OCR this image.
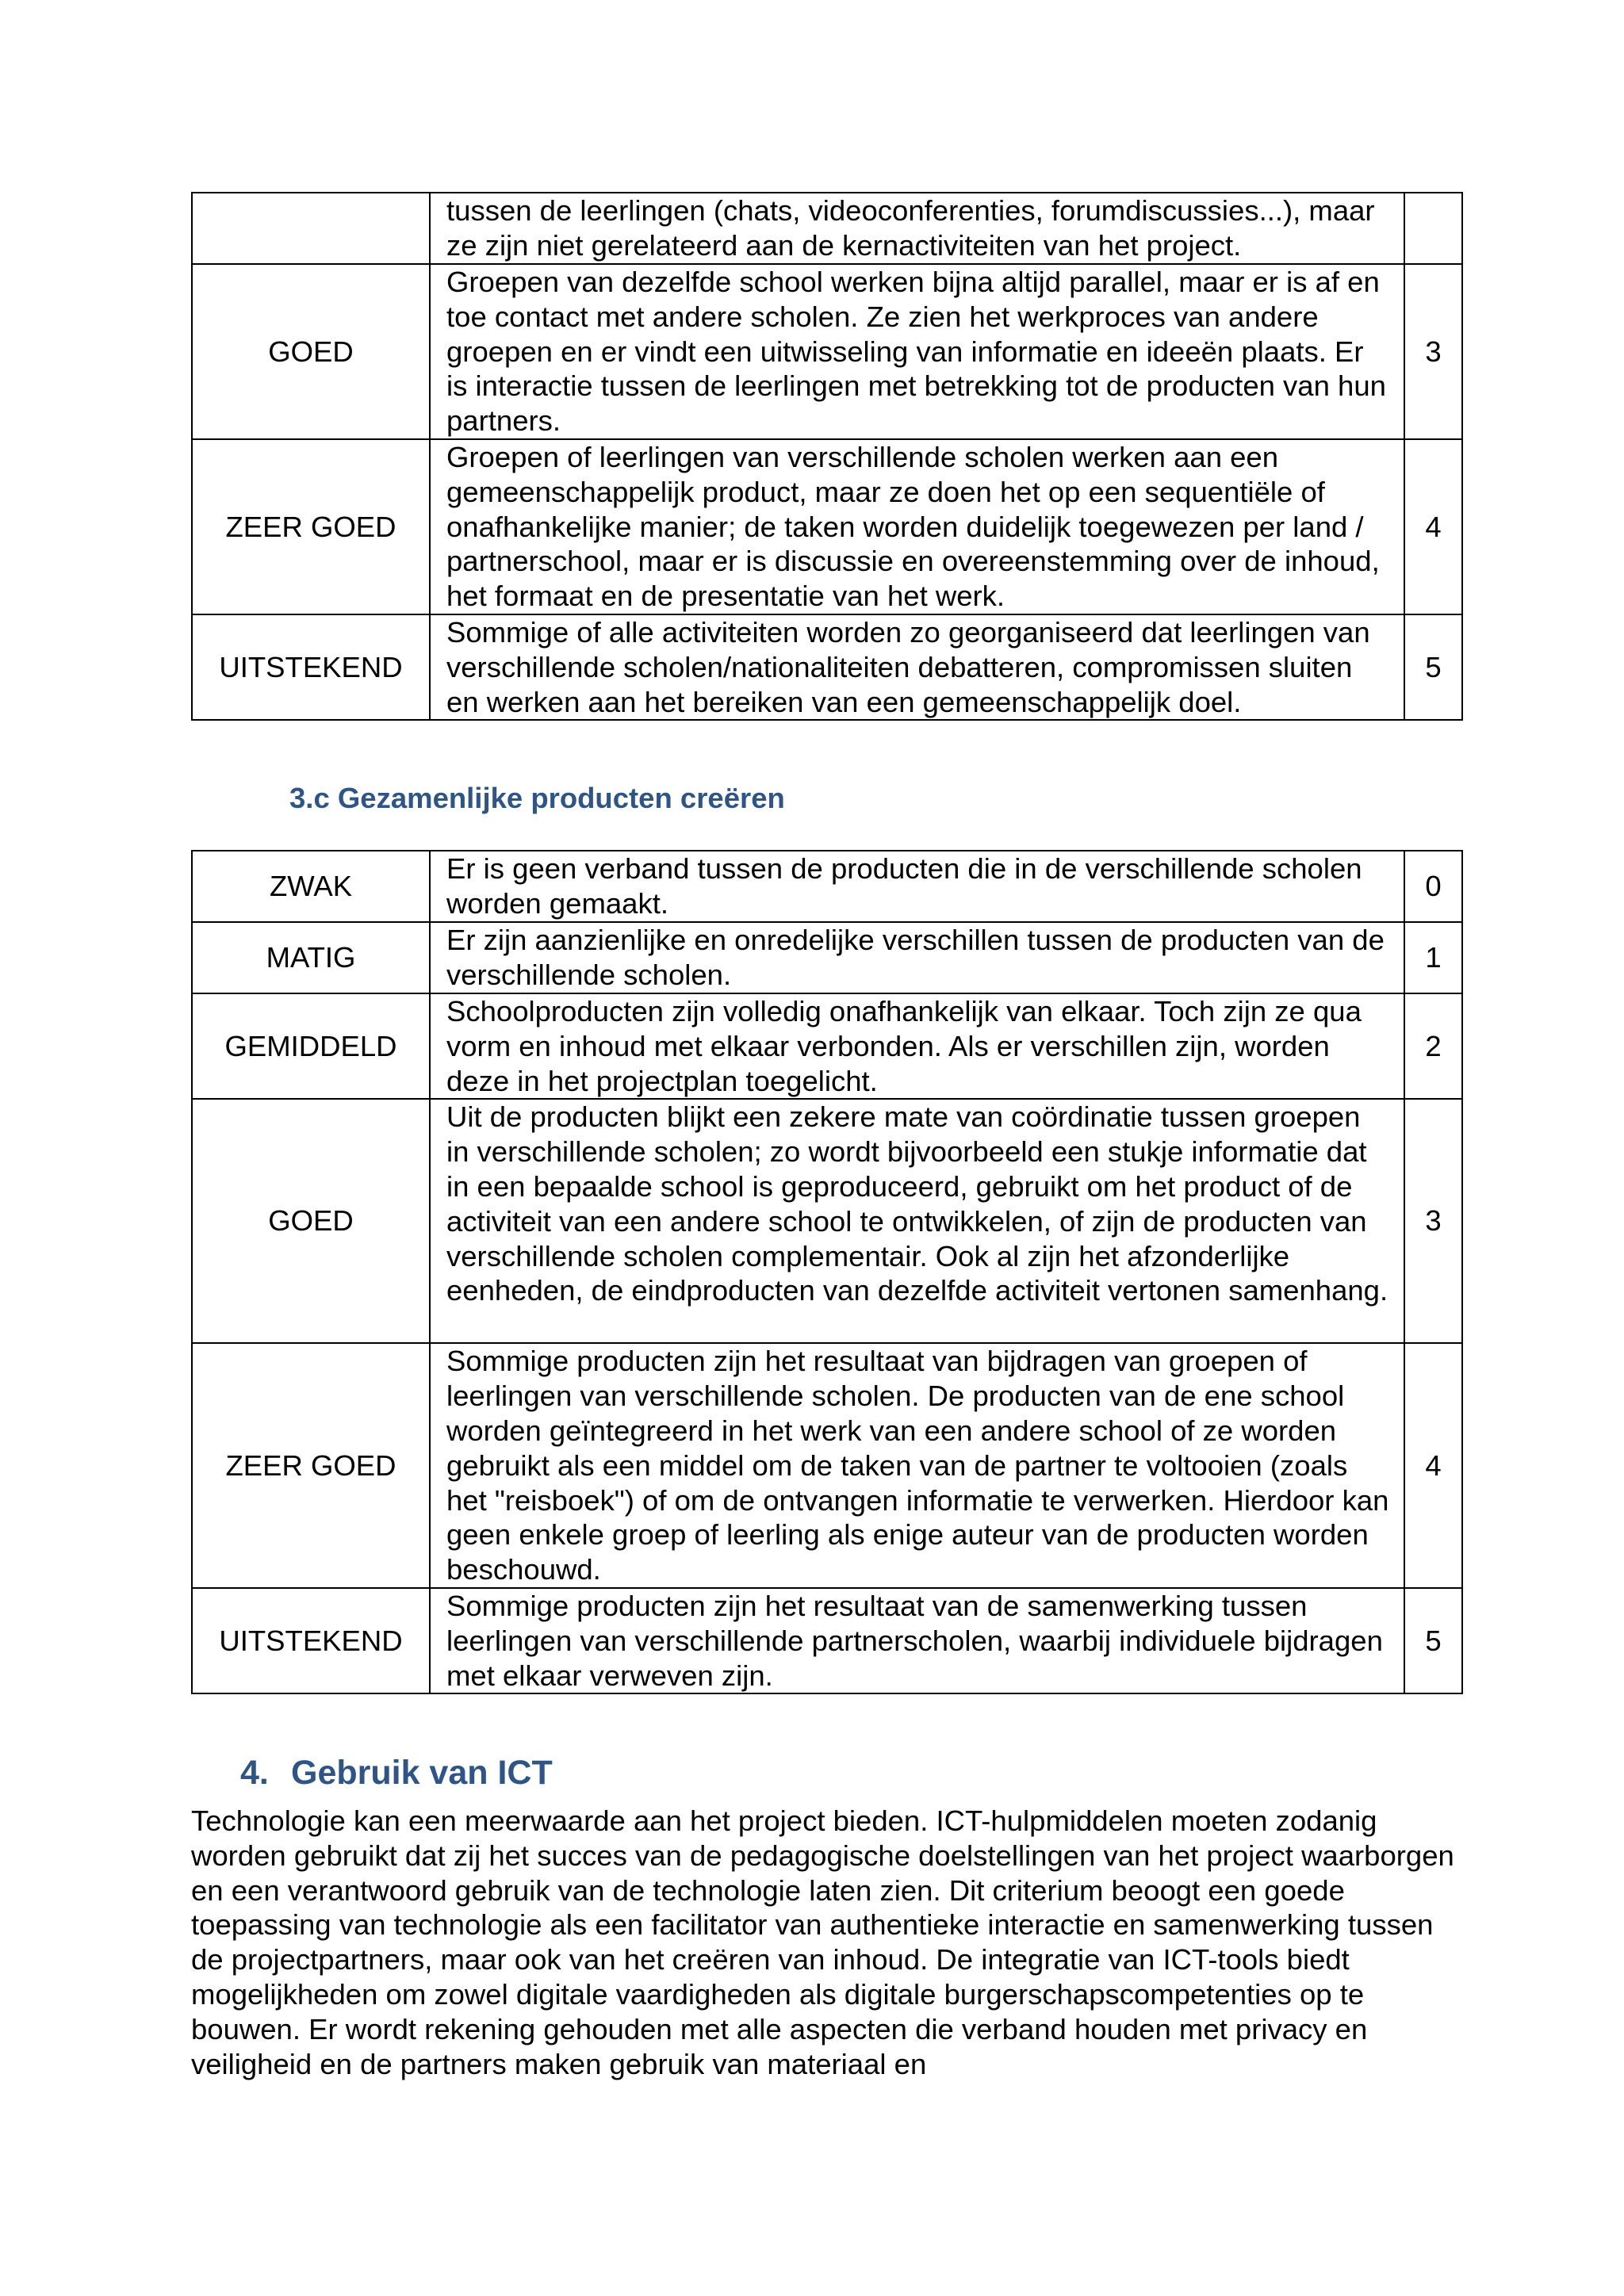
	tussen de leerlingen (chats, videoconferenties, forumdiscussies...), maar ze zijn niet gerelateerd aan de kernactiviteiten van het project.	
GOED	Groepen van dezelfde school werken bijna altijd parallel, maar er is af en toe contact met andere scholen. Ze zien het werkproces van andere groepen en er vindt een uitwisseling van informatie en ideeën plaats. Er is interactie tussen de leerlingen met betrekking tot de producten van hun partners.	3
ZEER GOED	Groepen of leerlingen van verschillende scholen werken aan een gemeenschappelijk product, maar ze doen het op een sequentiële of onafhankelijke manier; de taken worden duidelijk toegewezen per land / partnerschool, maar er is discussie en overeenstemming over de inhoud, het formaat en de presentatie van het werk.	4
UITSTEKEND	Sommige of alle activiteiten worden zo georganiseerd dat leerlingen van verschillende scholen/nationaliteiten debatteren, compromissen sluiten en werken aan het bereiken van een gemeenschappelijk doel.	5
3.c Gezamenlijke producten creëren
ZWAK	Er is geen verband tussen de producten die in de verschillende scholen worden gemaakt.	0
MATIG	Er zijn aanzienlijke en onredelijke verschillen tussen de producten van de verschillende scholen.	1
GEMIDDELD	Schoolproducten zijn volledig onafhankelijk van elkaar. Toch zijn ze qua vorm en inhoud met elkaar verbonden. Als er verschillen zijn, worden deze in het projectplan toegelicht.	2
GOED	Uit de producten blijkt een zekere mate van coördinatie tussen groepen in verschillende scholen; zo wordt bijvoorbeeld een stukje informatie dat in een bepaalde school is geproduceerd, gebruikt om het product of de activiteit van een andere school te ontwikkelen, of zijn de producten van verschillende scholen complementair. Ook al zijn het afzonderlijke eenheden, de eindproducten van dezelfde activiteit vertonen samenhang.	3
ZEER GOED	Sommige producten zijn het resultaat van bijdragen van groepen of leerlingen van verschillende scholen. De producten van de ene school worden geïntegreerd in het werk van een andere school of ze worden gebruikt als een middel om de taken van de partner te voltooien (zoals het "reisboek") of om de ontvangen informatie te verwerken. Hierdoor kan geen enkele groep of leerling als enige auteur van de producten worden beschouwd.	4
UITSTEKEND	Sommige producten zijn het resultaat van de samenwerking tussen leerlingen van verschillende partnerscholen, waarbij individuele bijdragen met elkaar verweven zijn.	5
4. Gebruik van ICT

Technologie kan een meerwaarde aan het project bieden. ICT-hulpmiddelen moeten zodanig worden gebruikt dat zij het succes van de pedagogische doelstellingen van het project waarborgen en een verantwoord gebruik van de technologie laten zien. Dit criterium beoogt een goede toepassing van technologie als een facilitator van authentieke interactie en samenwerking tussen de projectpartners, maar ook van het creëren van inhoud. De integratie van ICT-tools biedt mogelijkheden om zowel digitale vaardigheden als digitale burgerschapscompetenties op te bouwen. Er wordt rekening gehouden met alle aspecten die verband houden met privacy en veiligheid en de partners maken gebruik van materiaal en
